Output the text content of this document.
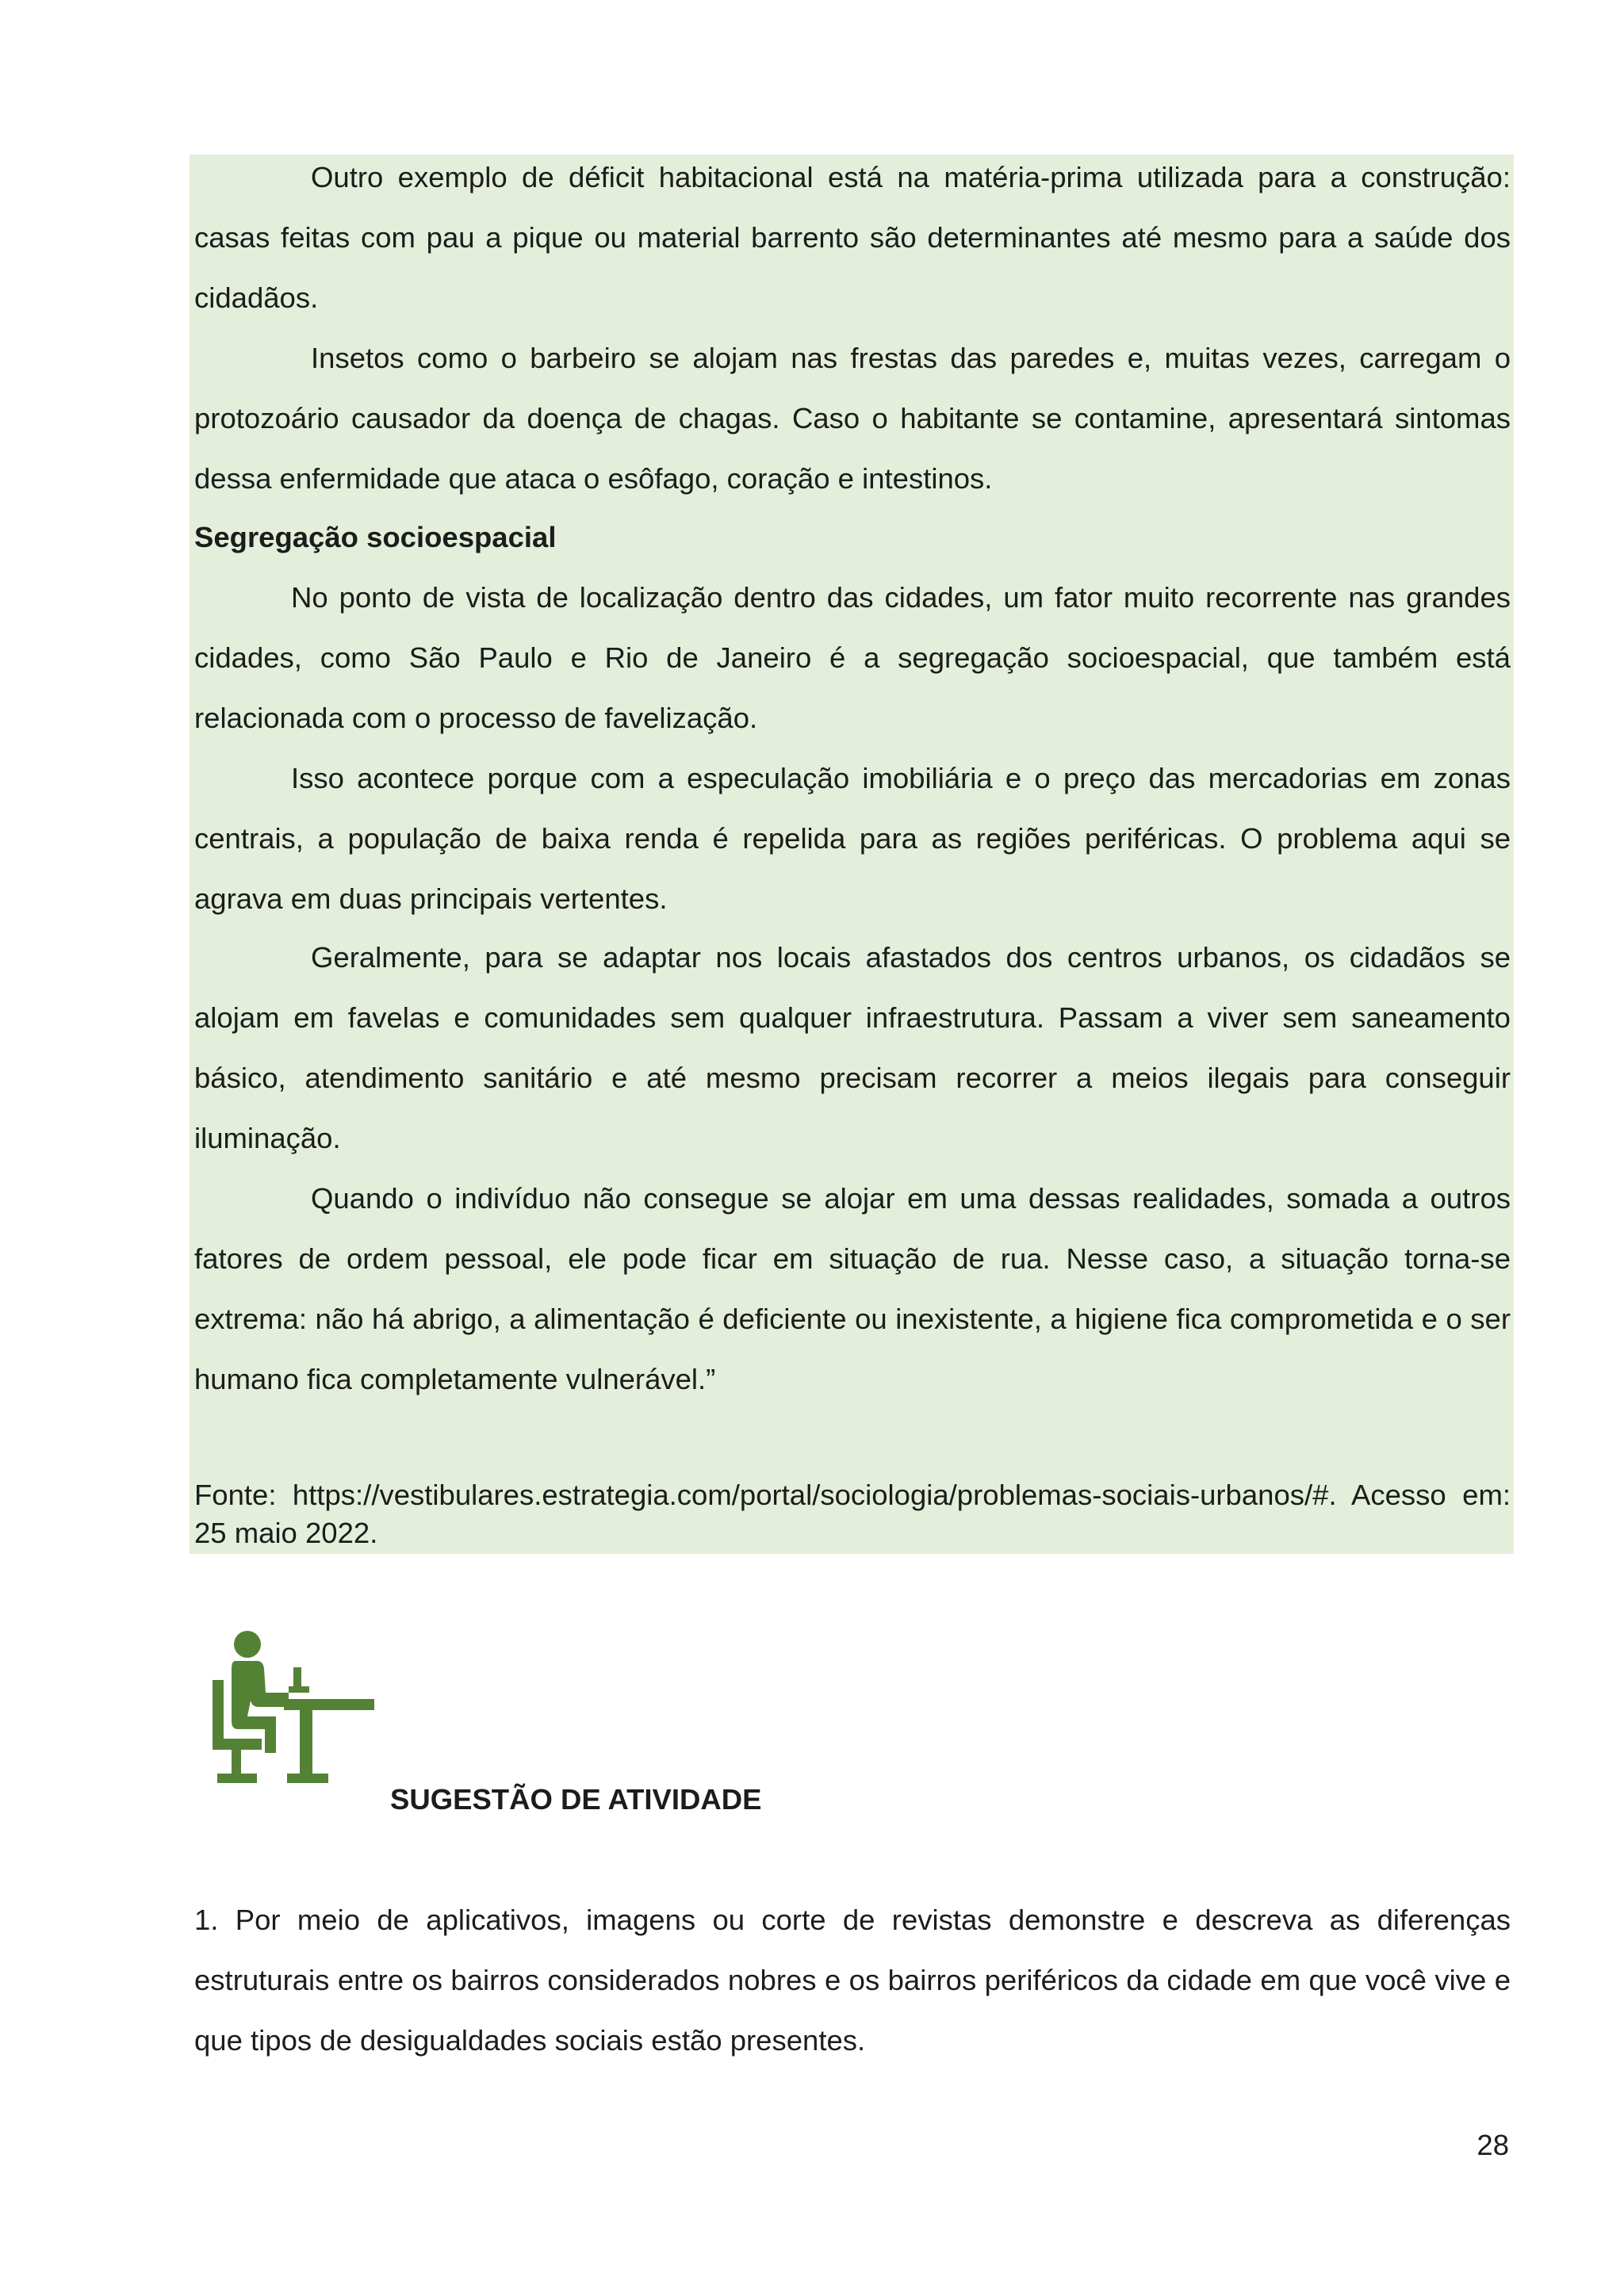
Outro exemplo de déficit habitacional está na matéria-prima utilizada para a construção: casas feitas com pau a pique ou material barrento são determinantes até mesmo para a saúde dos cidadãos.

Insetos como o barbeiro se alojam nas frestas das paredes e, muitas vezes, carregam o protozoário causador da doença de chagas. Caso o habitante se contamine, apresentará sintomas dessa enfermidade que ataca o esôfago, coração e intestinos.

Segregação socioespacial

No ponto de vista de localização dentro das cidades, um fator muito recorrente nas grandes cidades, como São Paulo e Rio de Janeiro é a segregação socioespacial, que também está relacionada com o processo de favelização.

Isso acontece porque com a especulação imobiliária e o preço das mercadorias em zonas centrais, a população de baixa renda é repelida para as regiões periféricas. O problema aqui se agrava em duas principais vertentes.

Geralmente, para se adaptar nos locais afastados dos centros urbanos, os cidadãos se alojam em favelas e comunidades sem qualquer infraestrutura. Passam a viver sem saneamento básico, atendimento sanitário e até mesmo precisam recorrer a meios ilegais para conseguir iluminação.

Quando o indivíduo não consegue se alojar em uma dessas realidades, somada a outros fatores de ordem pessoal, ele pode ficar em situação de rua. Nesse caso, a situação torna-se extrema: não há abrigo, a alimentação é deficiente ou inexistente, a higiene fica comprometida e o ser humano fica completamente vulnerável.”

Fonte: https://vestibulares.estrategia.com/portal/sociologia/problemas-sociais-urbanos/#. Acesso em: 25 maio 2022.

SUGESTÃO DE ATIVIDADE

1. Por meio de aplicativos, imagens ou corte de revistas demonstre e descreva as diferenças estruturais entre os bairros considerados nobres e os bairros periféricos da cidade em que você vive e que tipos de desigualdades sociais estão presentes.

28
